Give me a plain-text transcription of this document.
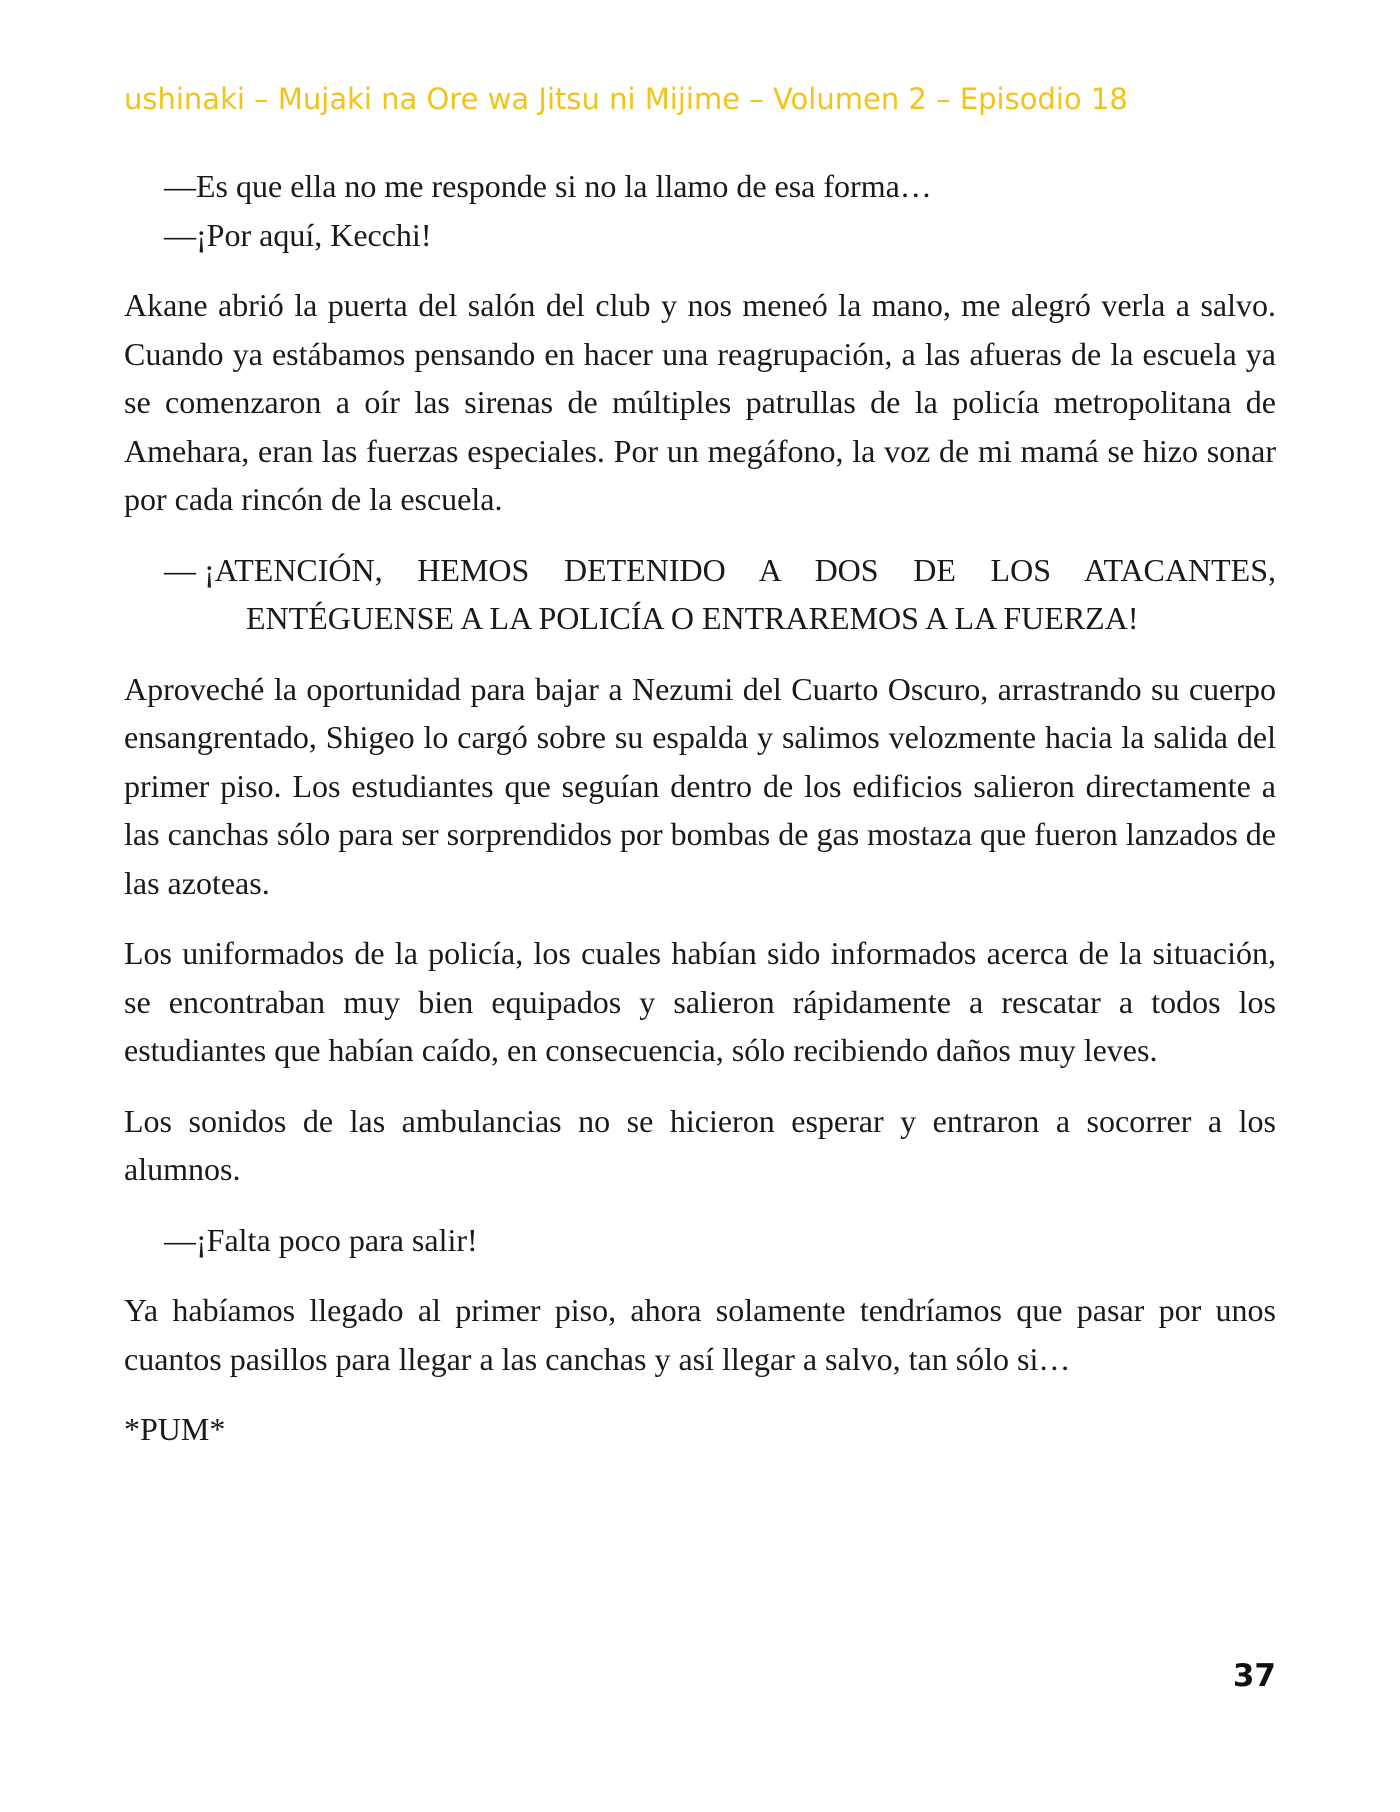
ushinaki – Mujaki na Ore wa Jitsu ni Mijime – Volumen 2 – Episodio 18

—Es que ella no me responde si no la llamo de esa forma…

—¡Por aquí, Kecchi!

Akane abrió la puerta del salón del club y nos meneó la mano, me alegró verla a salvo. Cuando ya estábamos pensando en hacer una reagrupación, a las afueras de la escuela ya se comenzaron a oír las sirenas de múltiples patrullas de la policía metropolitana de Amehara, eran las fuerzas especiales. Por un megáfono, la voz de mi mamá se hizo sonar por cada rincón de la escuela.

— ¡ATENCIÓN, HEMOS DETENIDO A DOS DE LOS ATACANTES, ENTÉGUENSE A LA POLICÍA O ENTRAREMOS A LA FUERZA!

Aproveché la oportunidad para bajar a Nezumi del Cuarto Oscuro, arrastrando su cuerpo ensangrentado, Shigeo lo cargó sobre su espalda y salimos velozmente hacia la salida del primer piso. Los estudiantes que seguían dentro de los edificios salieron directamente a las canchas sólo para ser sorprendidos por bombas de gas mostaza que fueron lanzados de las azoteas.

Los uniformados de la policía, los cuales habían sido informados acerca de la situación, se encontraban muy bien equipados y salieron rápidamente a rescatar a todos los estudiantes que habían caído, en consecuencia, sólo recibiendo daños muy leves.

Los sonidos de las ambulancias no se hicieron esperar y entraron a socorrer a los alumnos.

—¡Falta poco para salir!

Ya habíamos llegado al primer piso, ahora solamente tendríamos que pasar por unos cuantos pasillos para llegar a las canchas y así llegar a salvo, tan sólo si…

*PUM*

37
